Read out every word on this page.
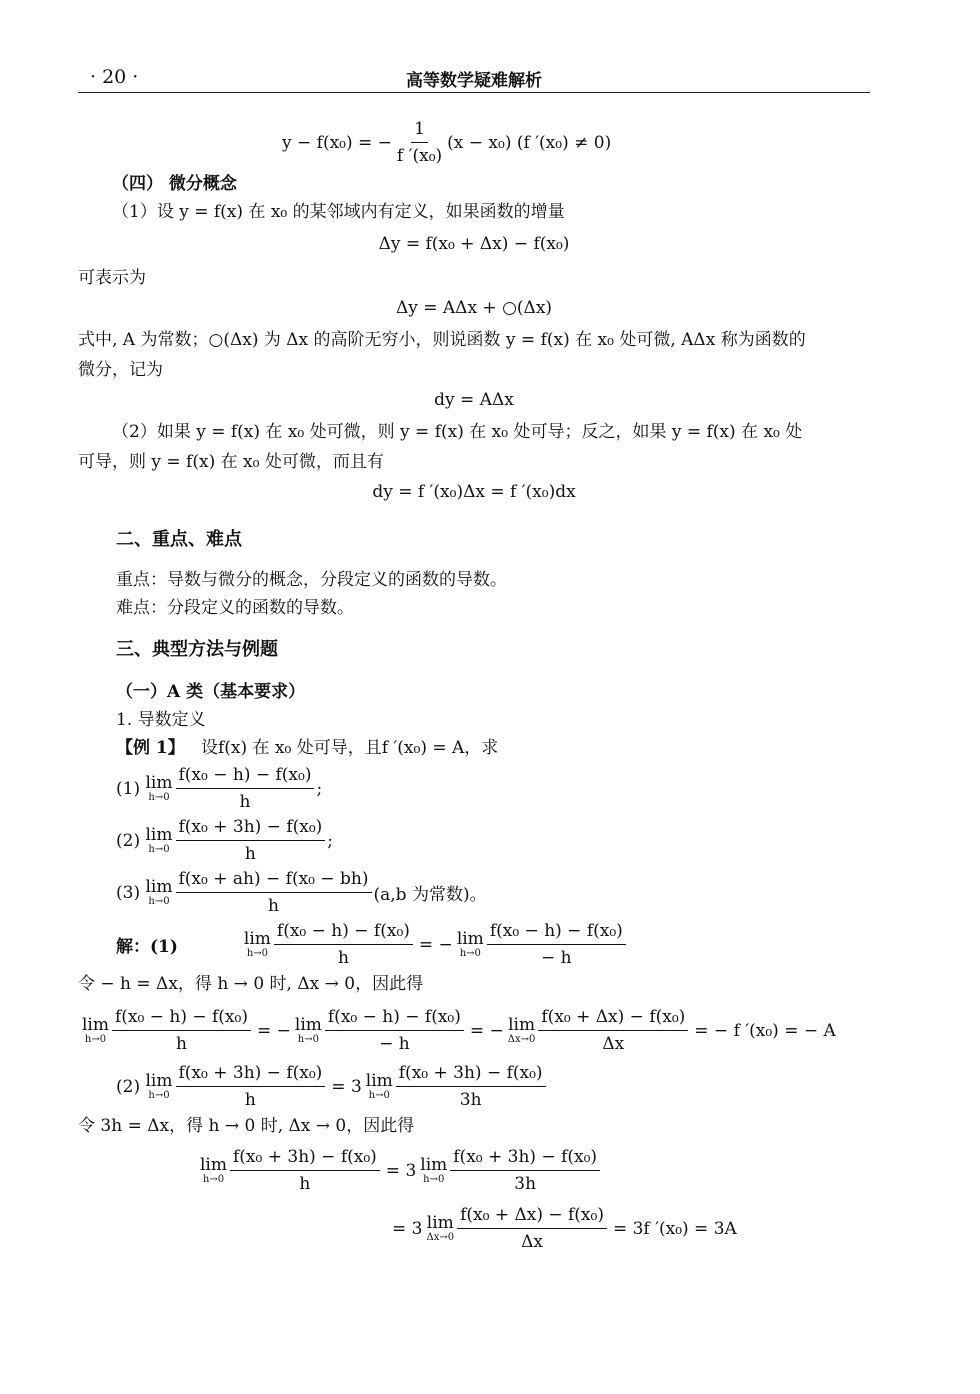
· 20 ·	高等数学疑难解析
y − f(x₀) = − $\frac{1}{\text{f ′(x₀)}} (x - x_0)$ (f ′(x₀) ≠ 0)
（四） 微分概念
（1）设 y = f(x) 在 x₀ 的某邻域内有定义，如果函数的增量
Δy = f(x₀ + Δx) − f(x₀)
可表示为
Δy = AΔx + ○(Δx)
式中, A 为常数；○(Δx) 为 Δx 的高阶无穷小，则说函数 y = f(x) 在 x₀ 处可微, AΔx 称为函数的
微分，记为
dy = AΔx
（2）如果 y = f(x) 在 x₀ 处可微，则 y = f(x) 在 x₀ 处可导；反之，如果 y = f(x) 在 x₀ 处
可导，则 y = f(x) 在 x₀ 处可微，而且有
dy = f ′(x₀)Δx = f ′(x₀)dx
二、重点、难点
重点：导数与微分的概念，分段定义的函数的导数。
难点：分段定义的函数的导数。
三、典型方法与例题
（一）A 类（基本要求）
1. 导数定义
【例 1】 设f(x) 在 x₀ 处可导，且f ′(x₀) = A，求
(1)
lim
$h\to 0 \frac{\text{f(x₀ − h) − f(x₀)}}{h}$ ;
(2)
lim
$h\to 0 \frac{\text{f(x₀ + 3h) − f(x₀)}}{h}$ ;
(3)
lim
$h\to 0 \frac{\text{f(x₀ + ah) − f(x₀ − bh)}}{h} (a,b$ 为常数)。
解：(1)	lim
$h\to 0 \frac{\text{f(x₀ − h) − f(x₀)}}{h}$ = − lim
$h\to 0 \frac{\text{f(x₀ − h) − f(x₀)}}{- h}$
令 − h = Δx，得 h → 0 时, Δx → 0，因此得
lim
$h\to 0 \frac{\text{f(x₀ − h) − f(x₀)}}{h}$ = − lim
$h\to 0 \frac{\text{f(x₀ − h) − f(x₀)}}{- h}$ = − lim
$\Delta x\to 0 \frac{\text{f(x₀ + Δx) − f(x₀)}}{\Delta x}$ = − f ′(x₀) = − A
(2)
lim
$h\to 0 \frac{\text{f(x₀ + 3h) − f(x₀)}}{h} = 3$ lim
$h\to 0 \frac{\text{f(x₀ + 3h) − f(x₀)}}{3h}$
令 3h = Δx，得 h → 0 时, Δx → 0，因此得
lim
$h\to 0 \frac{\text{f(x₀ + 3h) − f(x₀)}}{h} = 3$ lim
$h\to 0 \frac{\text{f(x₀ + 3h) − f(x₀)}}{3h}$
= 3 lim
$\Delta x\to 0 \frac{\text{f(x₀ + Δx) − f(x₀)}}{\Delta x} = 3f$ ′(x₀) = 3A
